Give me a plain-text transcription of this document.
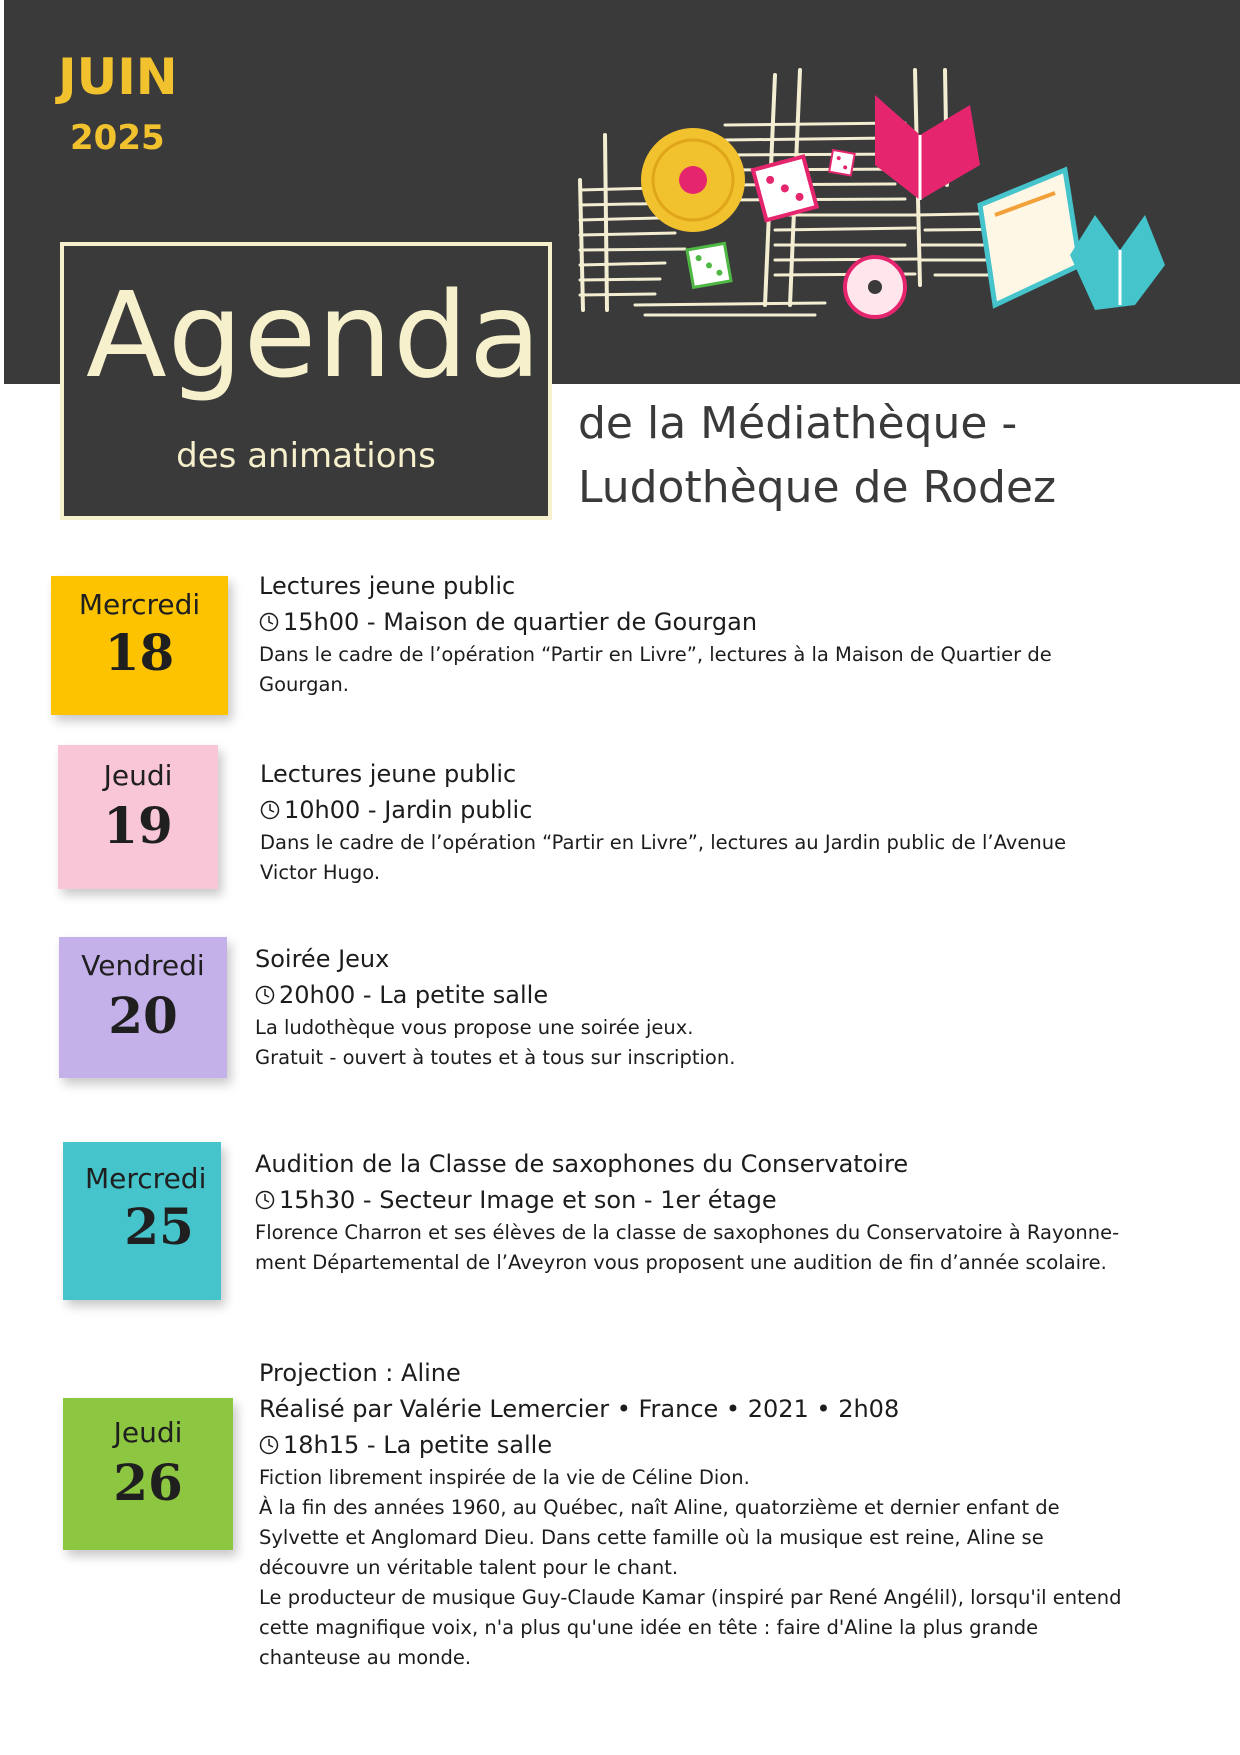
JUIN
2025
Agenda
des animations
de la Médiathèque -
Ludothèque de Rodez
Mercredi
18
Lectures jeune public
15h00 - Maison de quartier de Gourgan
Dans le cadre de l’opération “Partir en Livre”, lectures à la Maison de Quartier de
Gourgan.
Jeudi
19
Lectures jeune public
10h00 - Jardin public
Dans le cadre de l’opération “Partir en Livre”, lectures au Jardin public de l’Avenue
Victor Hugo.
Vendredi
20
Soirée Jeux
20h00 - La petite salle
La ludothèque vous propose une soirée jeux.
Gratuit - ouvert à toutes et à tous sur inscription.
Mercredi
25
Audition de la Classe de saxophones du Conservatoire
15h30 - Secteur Image et son - 1er étage
Florence Charron et ses élèves de la classe de saxophones du Conservatoire à Rayonne-
ment Départemental de l’Aveyron vous proposent une audition de fin d’année scolaire.
Jeudi
26
Projection : Aline
Réalisé par Valérie Lemercier • France • 2021 • 2h08
18h15 - La petite salle
Fiction librement inspirée de la vie de Céline Dion.
À la fin des années 1960, au Québec, naît Aline, quatorzième et dernier enfant de
Sylvette et Anglomard Dieu. Dans cette famille où la musique est reine, Aline se
découvre un véritable talent pour le chant.
Le producteur de musique Guy-Claude Kamar (inspiré par René Angélil), lorsqu'il entend
cette magnifique voix, n'a plus qu'une idée en tête : faire d'Aline la plus grande
chanteuse au monde.
